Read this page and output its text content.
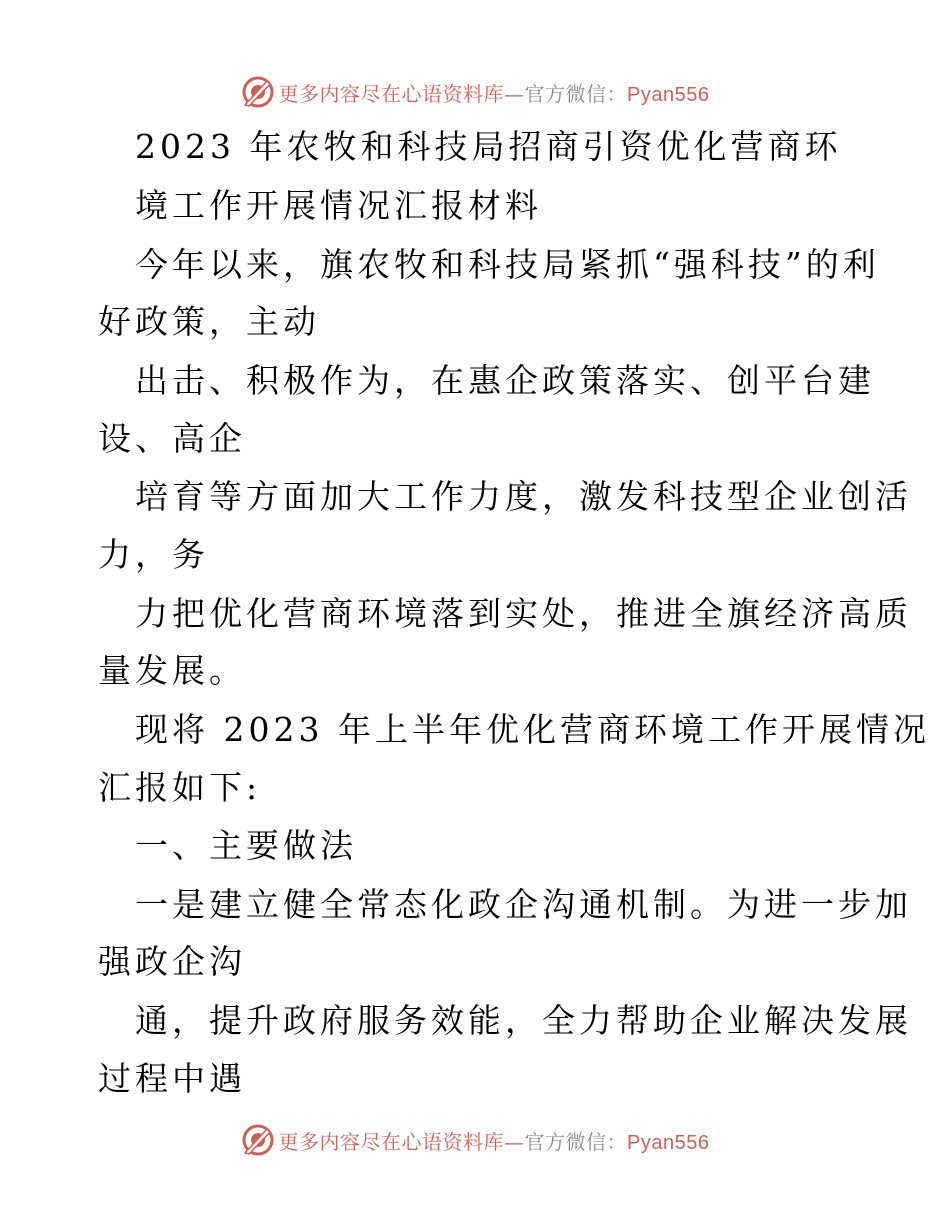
更多内容尽在心语资料库—官方微信：Pyan556
2023 年农牧和科技局招商引资优化营商环
境工作开展情况汇报材料
今年以来，旗农牧和科技局紧抓“强科技”的利
好政策，主动
出击、积极作为，在惠企政策落实、创平台建
设、高企
培育等方面加大工作力度，激发科技型企业创活
力，务
力把优化营商环境落到实处，推进全旗经济高质
量发展。
现将 2023 年上半年优化营商环境工作开展情况
汇报如下:
一、主要做法
一是建立健全常态化政企沟通机制。为进一步加
强政企沟
通，提升政府服务效能，全力帮助企业解决发展
过程中遇
更多内容尽在心语资料库—官方微信：Pyan556
